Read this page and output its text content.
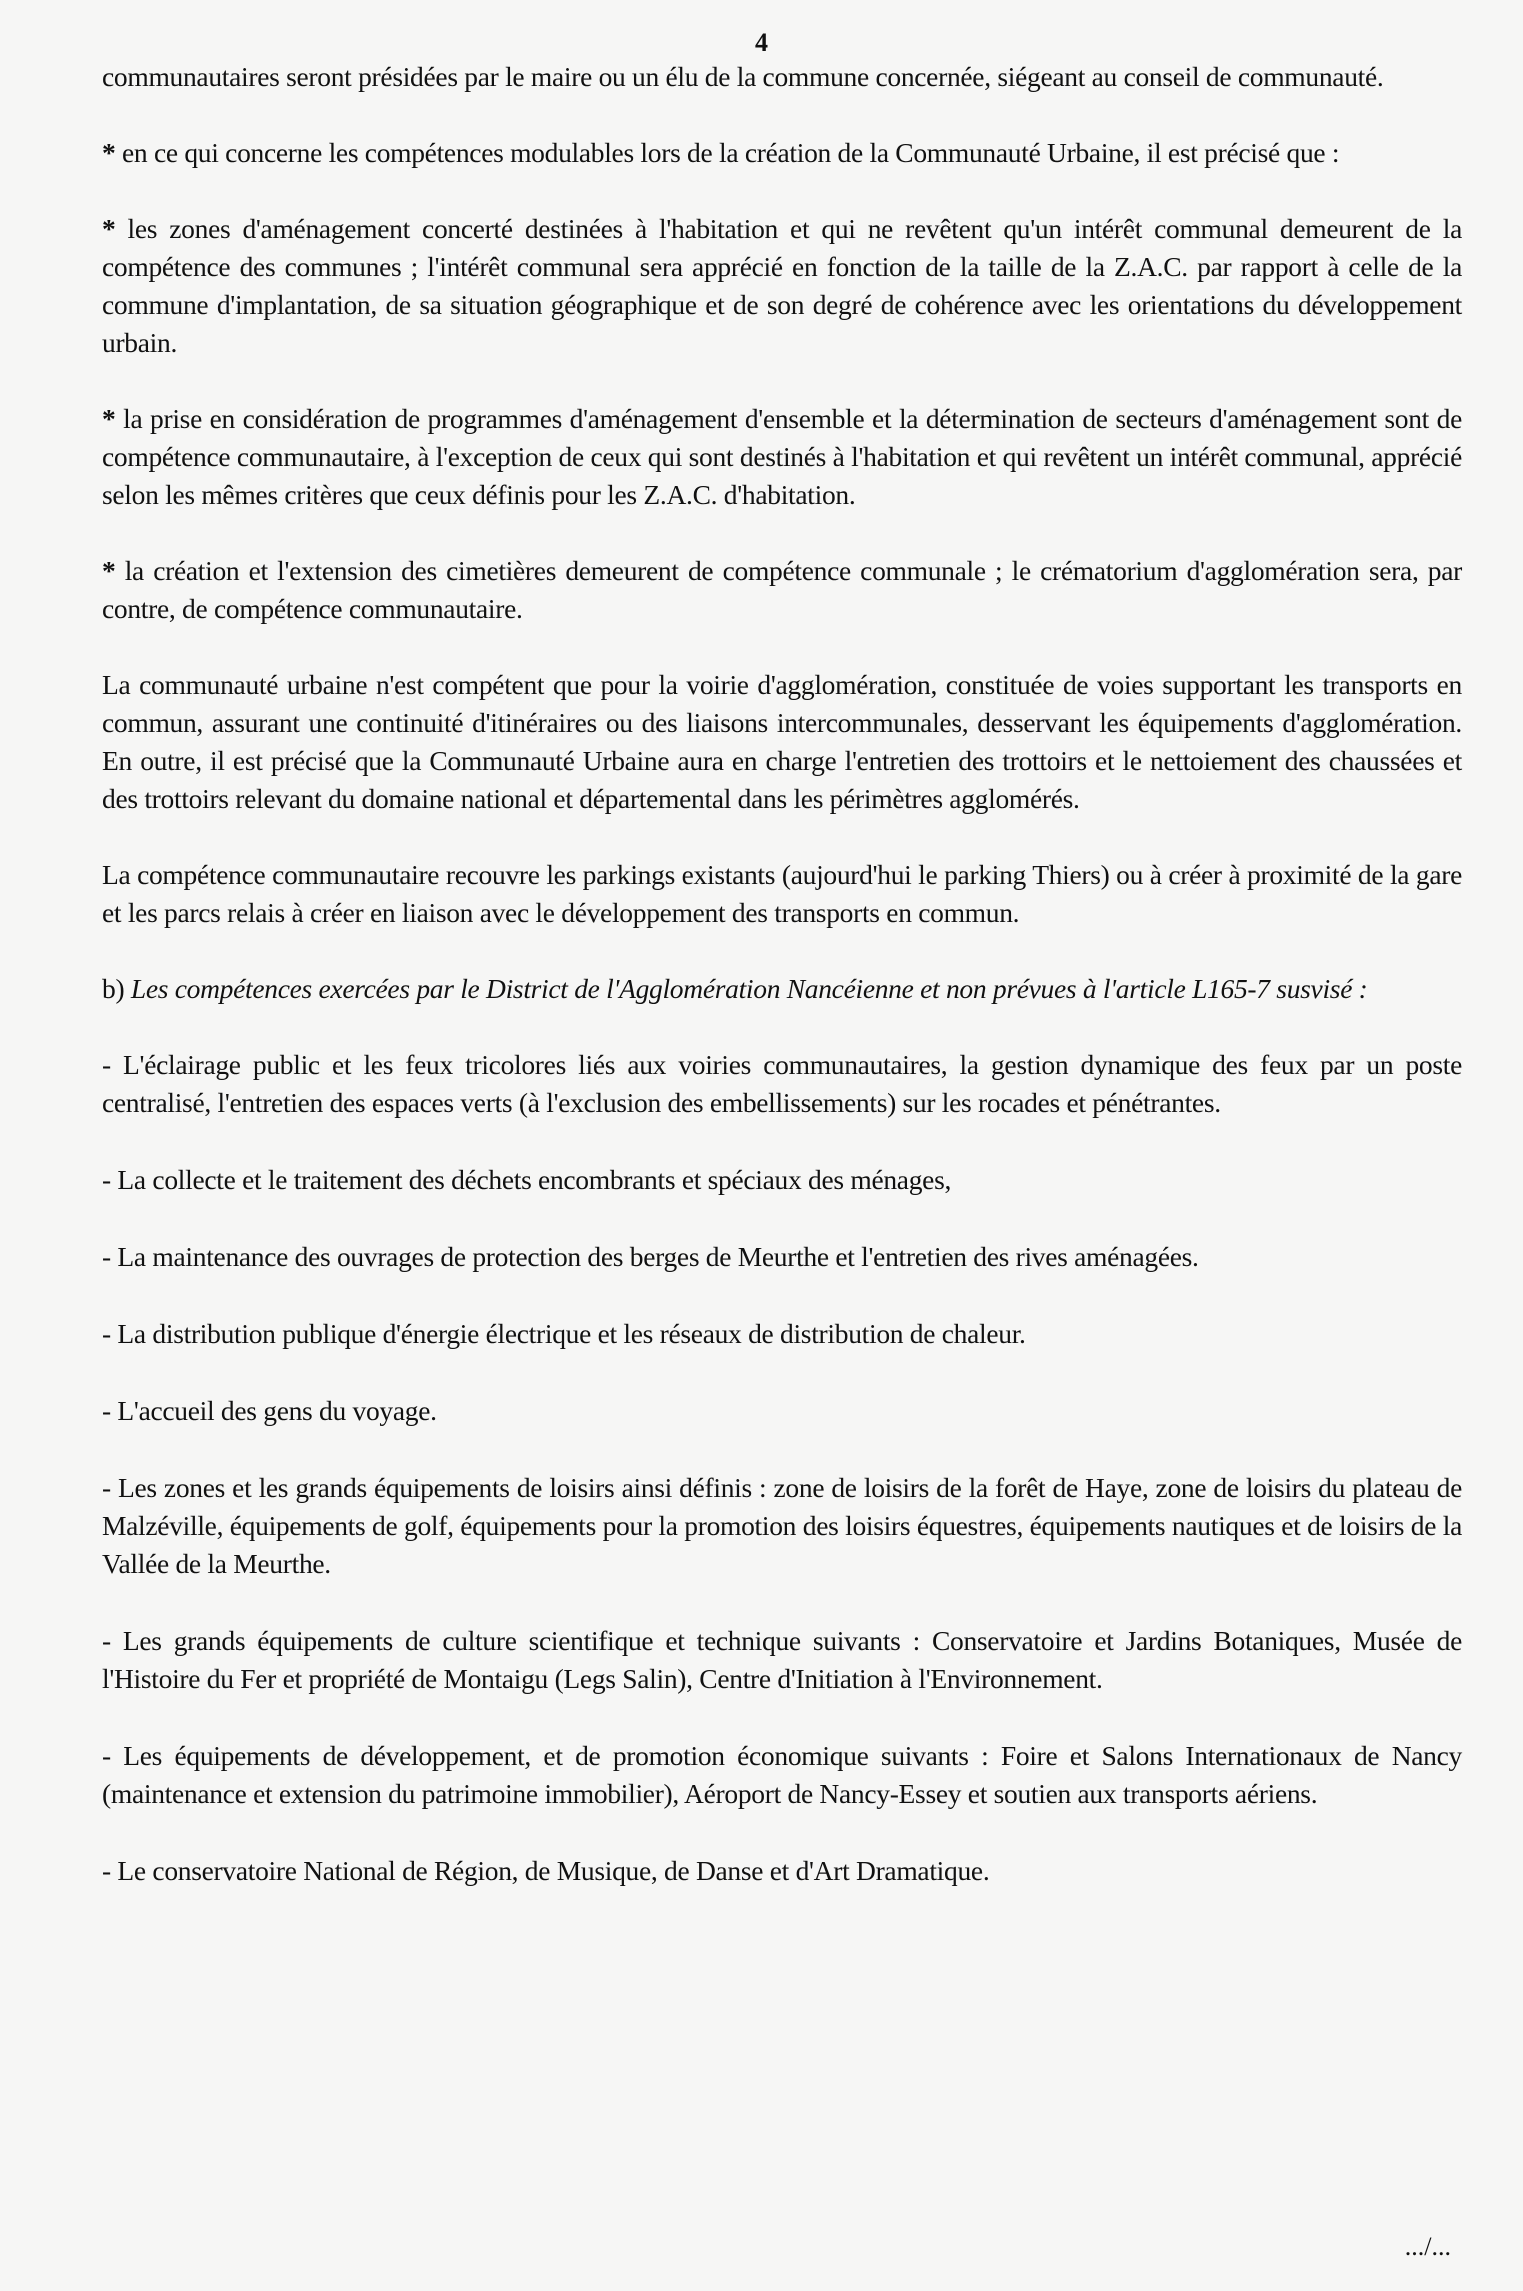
4

communautaires seront présidées par le maire ou un élu de la commune concernée, siégeant au conseil de communauté.

* en ce qui concerne les compétences modulables lors de la création de la Communauté Urbaine, il est précisé que :

* les zones d'aménagement concerté destinées à l'habitation et qui ne revêtent qu'un intérêt communal demeurent de la compétence des communes ; l'intérêt communal sera apprécié en fonction de la taille de la Z.A.C. par rapport à celle de la commune d'implantation, de sa situation géographique et de son degré de cohérence avec les orientations du développement urbain.

* la prise en considération de programmes d'aménagement d'ensemble et la détermination de secteurs d'aménagement sont de compétence communautaire, à l'exception de ceux qui sont destinés à l'habitation et qui revêtent un intérêt communal, apprécié selon les mêmes critères que ceux définis pour les Z.A.C. d'habitation.

* la création et l'extension des cimetières demeurent de compétence communale ; le crématorium d'agglomération sera, par contre, de compétence communautaire.

La communauté urbaine n'est compétent que pour la voirie d'agglomération, constituée de voies supportant les transports en commun, assurant une continuité d'itinéraires ou des liaisons intercommunales, desservant les équipements d'agglomération. En outre, il est précisé que la Communauté Urbaine aura en charge l'entretien des trottoirs et le nettoiement des chaussées et des trottoirs relevant du domaine national et départemental dans les périmètres agglomérés.

La compétence communautaire recouvre les parkings existants (aujourd'hui le parking Thiers) ou à créer à proximité de la gare et les parcs relais à créer en liaison avec le développement des transports en commun.

b) Les compétences exercées par le District de l'Agglomération Nancéienne et non prévues à l'article L165-7 susvisé :

- L'éclairage public et les feux tricolores liés aux voiries communautaires, la gestion dynamique des feux par un poste centralisé, l'entretien des espaces verts (à l'exclusion des embellissements) sur les rocades et pénétrantes.

- La collecte et le traitement des déchets encombrants et spéciaux des ménages,

- La maintenance des ouvrages de protection des berges de Meurthe et l'entretien des rives aménagées.

- La distribution publique d'énergie électrique et les réseaux de distribution de chaleur.

- L'accueil des gens du voyage.

- Les zones et les grands équipements de loisirs ainsi définis : zone de loisirs de la forêt de Haye, zone de loisirs du plateau de Malzéville, équipements de golf, équipements pour la promotion des loisirs équestres, équipements nautiques et de loisirs de la Vallée de la Meurthe.

- Les grands équipements de culture scientifique et technique suivants : Conservatoire et Jardins Botaniques, Musée de l'Histoire du Fer et propriété de Montaigu (Legs Salin), Centre d'Initiation à l'Environnement.

- Les équipements de développement, et de promotion économique suivants : Foire et Salons Internationaux de Nancy (maintenance et extension du patrimoine immobilier), Aéroport de Nancy-Essey et soutien aux transports aériens.

- Le conservatoire National de Région, de Musique, de Danse et d'Art Dramatique.

.../...
